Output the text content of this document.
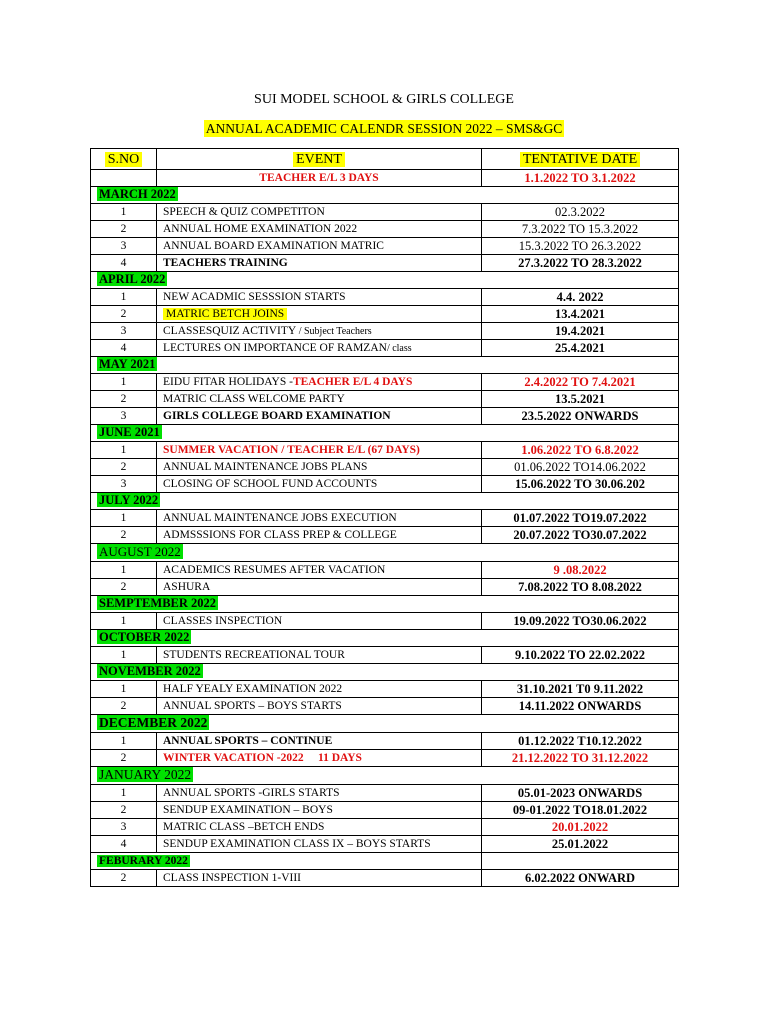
SUI MODEL SCHOOL & GIRLS COLLEGE
ANNUAL ACADEMIC CALENDR SESSION 2022 – SMS&GC
S.NO	EVENT	TENTATIVE DATE
	TEACHER E/L 3 DAYS	1.1.2022 TO 3.1.2022
MARCH 2022		
1	SPEECH & QUIZ COMPETITON	02.3.2022
2	ANNUAL HOME EXAMINATION 2022	7.3.2022 TO 15.3.2022
3	ANNUAL BOARD EXAMINATION MATRIC	15.3.2022 TO 26.3.2022
4	TEACHERS TRAINING	27.3.2022 TO 28.3.2022
APRIL 2022		
1	NEW ACADMIC SESSSION STARTS	4.4. 2022
2	MATRIC BETCH JOINS	13.4.2021
3	CLASSESQUIZ ACTIVITY / Subject Teachers	19.4.2021
4	LECTURES ON IMPORTANCE OF RAMZAN/ class	25.4.2021
MAY 2021		
1	EIDU FITAR HOLIDAYS -TEACHER E/L 4 DAYS	2.4.2022 TO 7.4.2021
2	MATRIC CLASS WELCOME PARTY	13.5.2021
3	GIRLS COLLEGE BOARD EXAMINATION	23.5.2022 ONWARDS
JUNE 2021		
1	SUMMER VACATION / TEACHER E/L (67 DAYS)	1.06.2022 TO 6.8.2022
2	ANNUAL MAINTENANCE JOBS PLANS	01.06.2022 TO14.06.2022
3	CLOSING OF SCHOOL FUND ACCOUNTS	15.06.2022 TO 30.06.202
JULY 2022		
1	ANNUAL MAINTENANCE JOBS EXECUTION	01.07.2022 TO19.07.2022
2	ADMSSSIONS FOR CLASS PREP & COLLEGE	20.07.2022 TO30.07.2022
AUGUST 2022		
1	ACADEMICS RESUMES AFTER VACATION	9 .08.2022
2	ASHURA	7.08.2022 TO 8.08.2022
SEMPTEMBER 2022		
1	CLASSES INSPECTION	19.09.2022 TO30.06.2022
OCTOBER 2022		
1	STUDENTS RECREATIONAL TOUR	9.10.2022 TO 22.02.2022
NOVEMBER 2022		
1	HALF YEALY EXAMINATION 2022	31.10.2021 T0 9.11.2022
2	ANNUAL SPORTS – BOYS STARTS	14.11.2022 ONWARDS
DECEMBER 2022		
1	ANNUAL SPORTS – CONTINUE	01.12.2022 T10.12.2022
2	WINTER VACATION -2022     11 DAYS	21.12.2022 TO 31.12.2022
JANUARY 2022		
1	ANNUAL SPORTS -GIRLS STARTS	05.01-2023 ONWARDS
2	SENDUP EXAMINATION – BOYS	09-01.2022 TO18.01.2022
3	MATRIC CLASS –BETCH ENDS	20.01.2022
4	SENDUP EXAMINATION CLASS IX – BOYS STARTS	25.01.2022
FEBURARY 2022		
2	CLASS INSPECTION 1-VIII	6.02.2022 ONWARD
